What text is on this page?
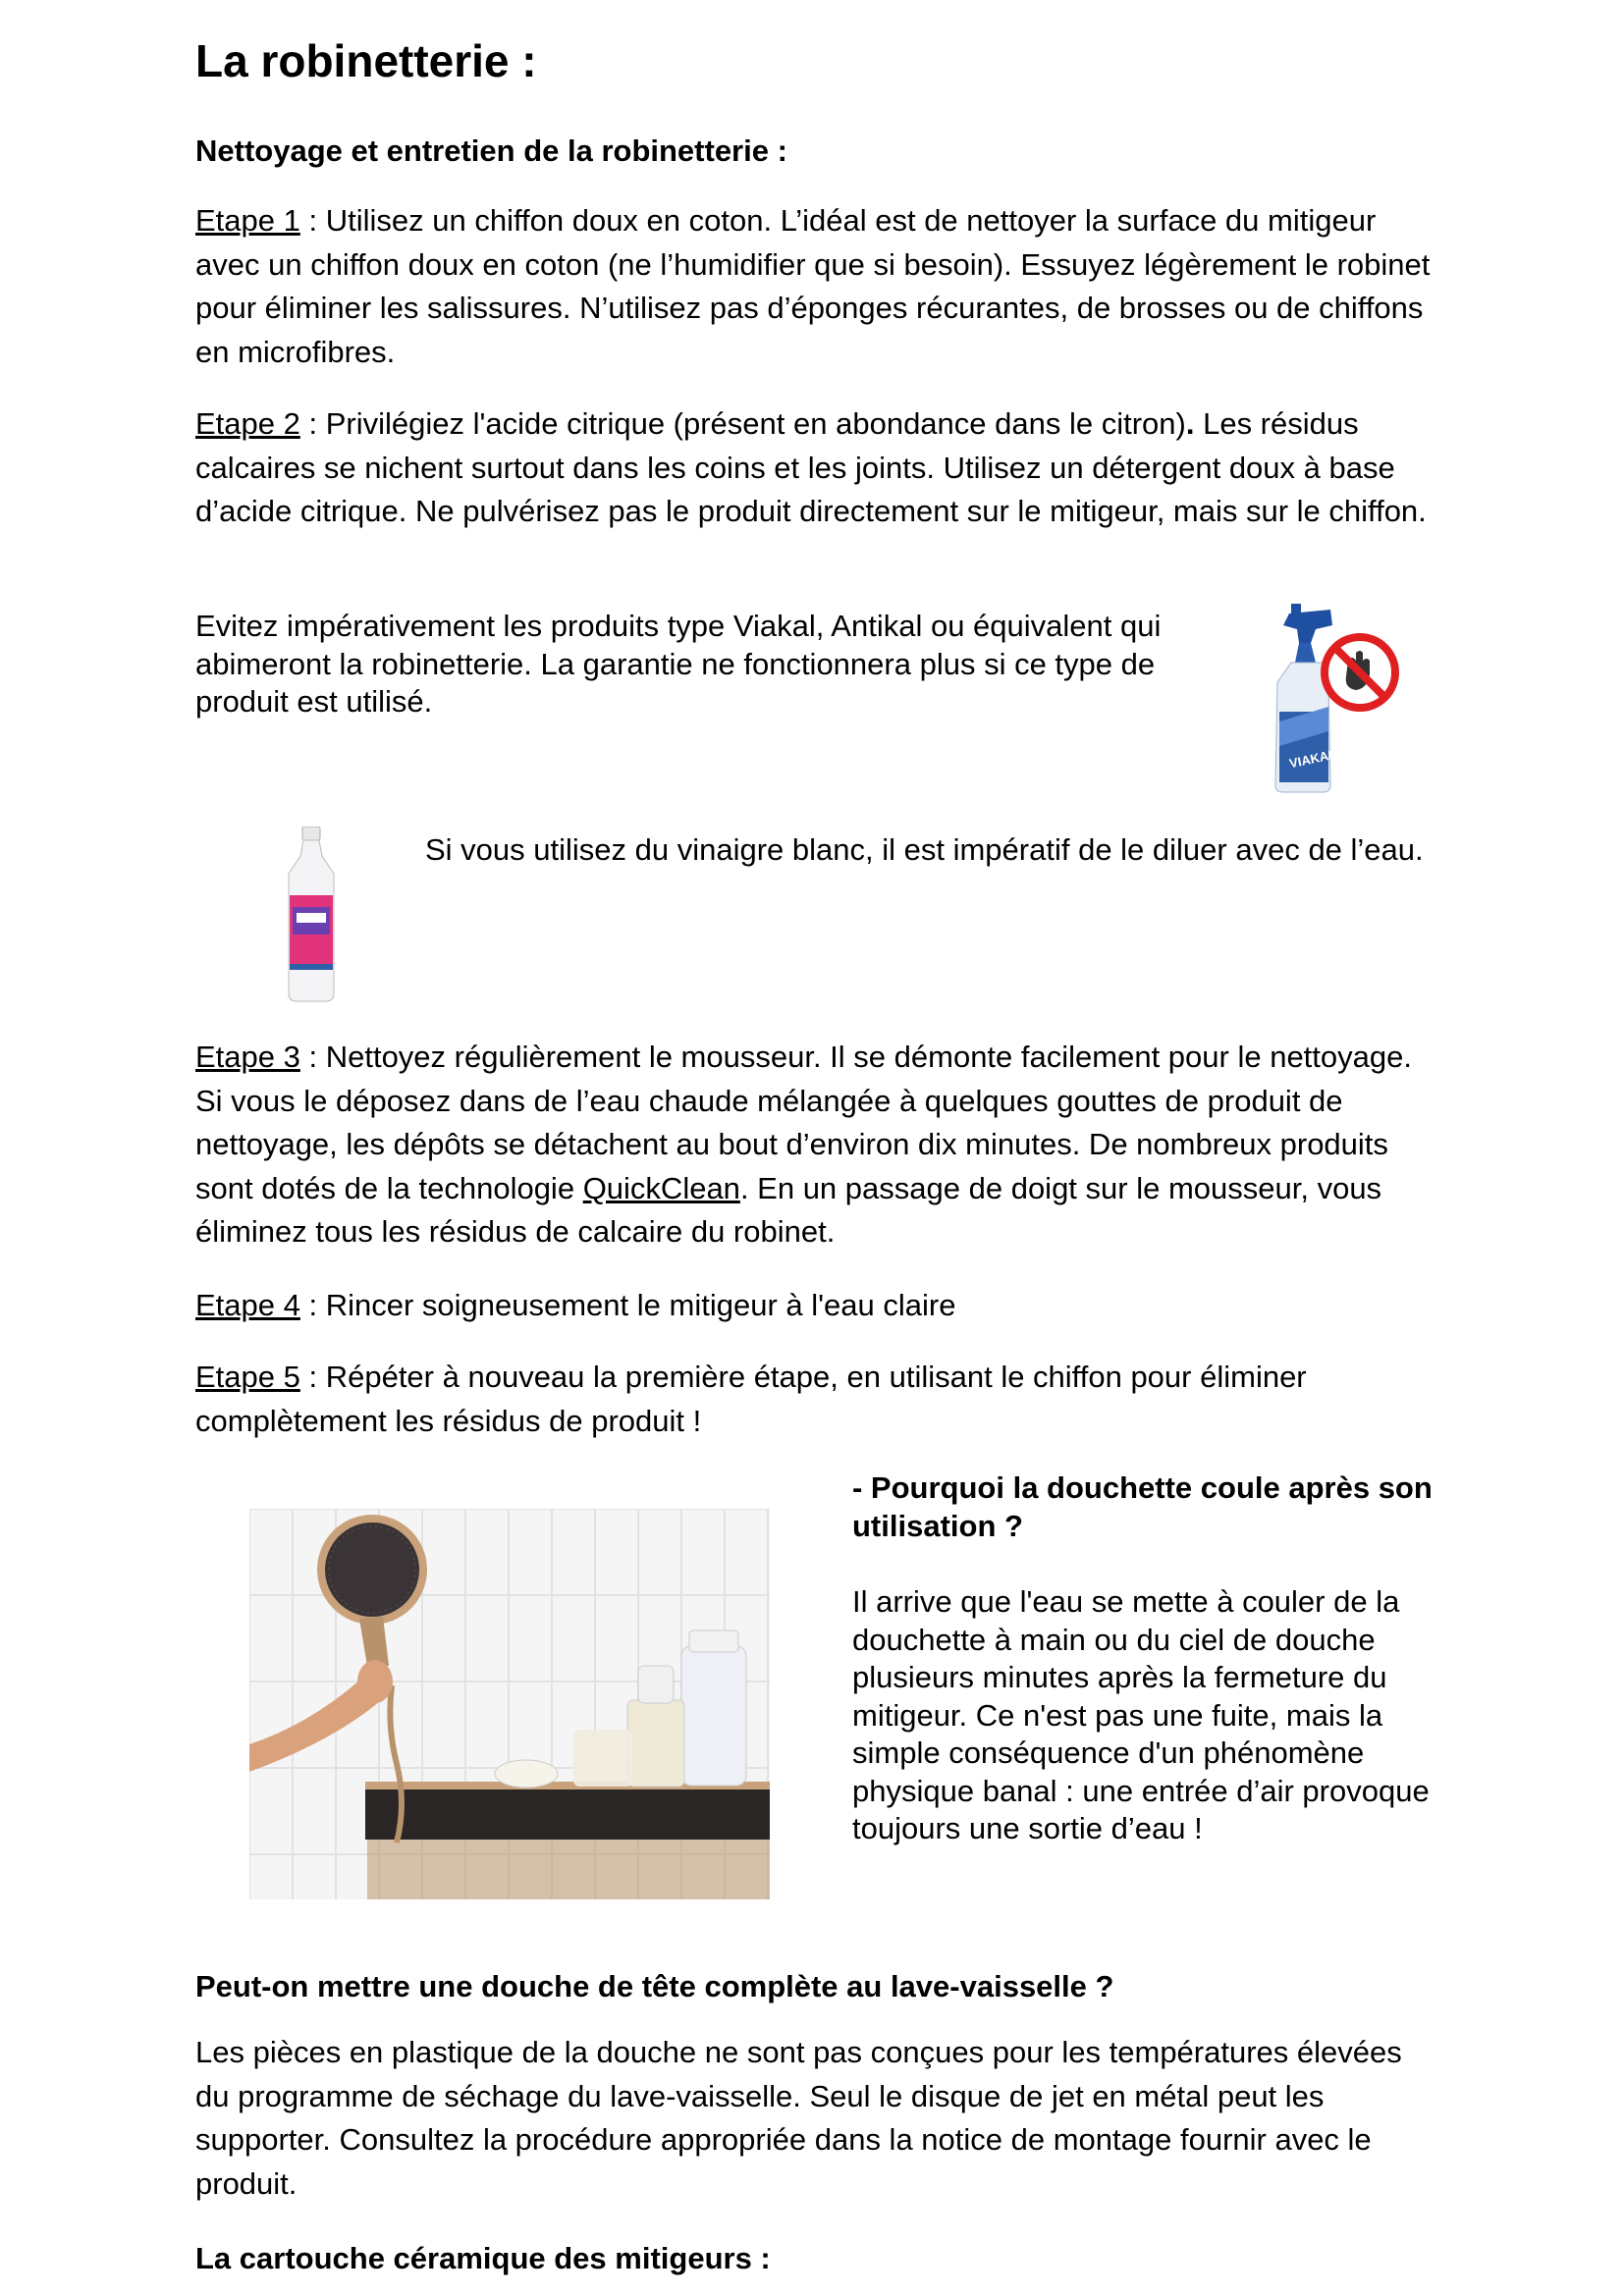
La robinetterie :
Nettoyage et entretien de la robinetterie :
Etape 1 : Utilisez un chiffon doux en coton. L’idéal est de nettoyer la surface du mitigeur avec un chiffon doux en coton (ne l’humidifier que si besoin). Essuyez légèrement le robinet pour éliminer les salissures. N’utilisez pas d’éponges récurantes, de brosses ou de chiffons en microfibres.
Etape 2 : Privilégiez l'acide citrique (présent en abondance dans le citron). Les résidus calcaires se nichent surtout dans les coins et les joints. Utilisez un détergent doux à base d’acide citrique. Ne pulvérisez pas le produit directement sur le mitigeur, mais sur le chiffon.
Evitez impérativement les produits type Viakal, Antikal ou équivalent qui abimeront la robinetterie. La garantie ne fonctionnera plus si ce type de produit est utilisé.
VIAKAL
Si vous utilisez du vinaigre blanc, il est impératif de le diluer avec de l’eau.
Etape 3 : Nettoyez régulièrement le mousseur. Il se démonte facilement pour le nettoyage. Si vous le déposez dans de l’eau chaude mélangée à quelques gouttes de produit de nettoyage, les dépôts se détachent au bout d’environ dix minutes. De nombreux produits sont dotés de la technologie QuickClean. En un passage de doigt sur le mousseur, vous éliminez tous les résidus de calcaire du robinet.
Etape 4 : Rincer soigneusement le mitigeur à l'eau claire
Etape 5 : Répéter à nouveau la première étape, en utilisant le chiffon pour éliminer complètement les résidus de produit !
- Pourquoi la douchette coule après son utilisation ?
Il arrive que l'eau se mette à couler de la douchette à main ou du ciel de douche plusieurs minutes après la fermeture du mitigeur. Ce n'est pas une fuite, mais la simple conséquence d'un phénomène physique banal : une entrée d’air provoque toujours une sortie d’eau !
Peut-on mettre une douche de tête complète au lave-vaisselle ?
Les pièces en plastique de la douche ne sont pas conçues pour les températures élevées du programme de séchage du lave-vaisselle. Seul le disque de jet en métal peut les supporter. Consultez la procédure appropriée dans la notice de montage fournir avec le produit.
La cartouche céramique des mitigeurs :
